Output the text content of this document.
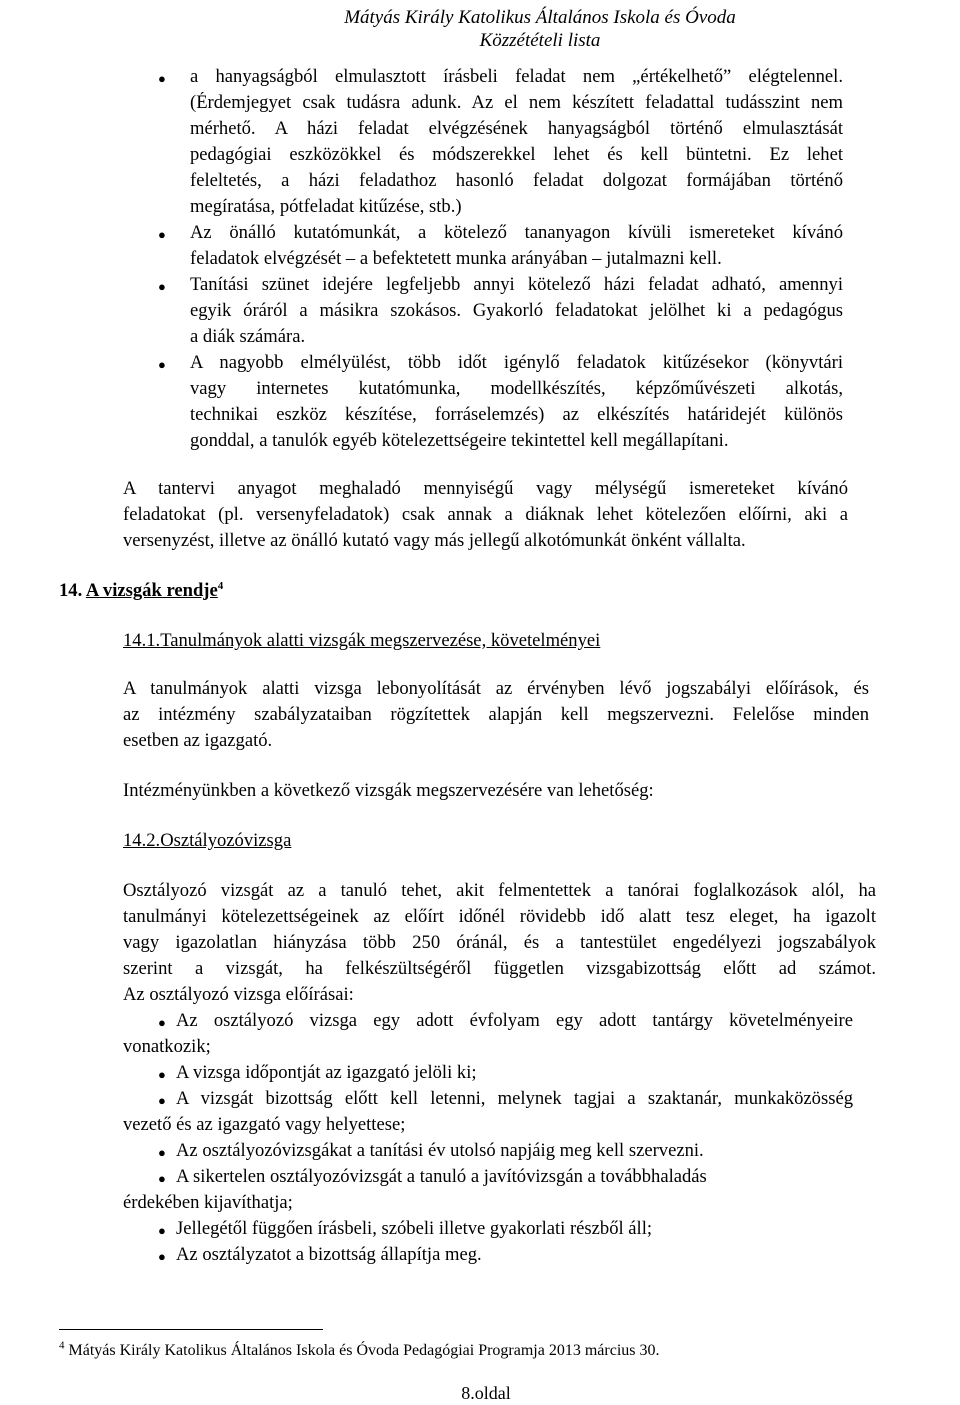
Mátyás Király Katolikus Általános Iskola és Óvoda
Közzétételi lista
● a hanyagságból elmulasztott írásbeli feladat nem „értékelhető” elégtelennel.
(Érdemjegyet csak tudásra adunk. Az el nem készített feladattal tudásszint nem
mérhető. A házi feladat elvégzésének hanyagságból történő elmulasztását
pedagógiai eszközökkel és módszerekkel lehet és kell büntetni. Ez lehet
feleltetés, a házi feladathoz hasonló feladat dolgozat formájában történő
megíratása, pótfeladat kitűzése, stb.)
● Az önálló kutatómunkát, a kötelező tananyagon kívüli ismereteket kívánó
feladatok elvégzését – a befektetett munka arányában – jutalmazni kell.
● Tanítási szünet idejére legfeljebb annyi kötelező házi feladat adható, amennyi
egyik óráról a másikra szokásos. Gyakorló feladatokat jelölhet ki a pedagógus
a diák számára.
● A nagyobb elmélyülést, több időt igénylő feladatok kitűzésekor (könyvtári
vagy internetes kutatómunka, modellkészítés, képzőművészeti alkotás,
technikai eszköz készítése, forráselemzés) az elkészítés határidejét különös
gonddal, a tanulók egyéb kötelezettségeire tekintettel kell megállapítani.
A tantervi anyagot meghaladó mennyiségű vagy mélységű ismereteket kívánó
feladatokat (pl. versenyfeladatok) csak annak a diáknak lehet kötelezően előírni, aki a
versenyzést, illetve az önálló kutató vagy más jellegű alkotómunkát önként vállalta.
A tanulmányok alatti vizsga lebonyolítását az érvényben lévő jogszabályi előírások, és
az intézmény szabályzataiban rögzítettek alapján kell megszervezni. Felelőse minden
esetben az igazgató.
Osztályozó vizsgát az a tanuló tehet, akit felmentettek a tanórai foglalkozások alól, ha
tanulmányi kötelezettségeinek az előírt időnél rövidebb idő alatt tesz eleget, ha igazolt
vagy igazolatlan hiányzása több 250 óránál, és a tantestület engedélyezi jogszabályok
szerint a vizsgát, ha felkészültségéről független vizsgabizottság előtt ad számot.
Az osztályozó vizsga előírásai:
● Az osztályozó vizsga egy adott évfolyam egy adott tantárgy követelményeire
vonatkozik;
● A vizsga időpontját az igazgató jelöli ki;
● A vizsgát bizottság előtt kell letenni, melynek tagjai a szaktanár, munkaközösség
vezető és az igazgató vagy helyettese;
● Az osztályozóvizsgákat a tanítási év utolsó napjáig meg kell szervezni.
● A sikertelen osztályozóvizsgát a tanuló a javítóvizsgán a továbbhaladás
érdekében kijavíthatja;
● Jellegétől függően írásbeli, szóbeli illetve gyakorlati részből áll;
● Az osztályzatot a bizottság állapítja meg.
14. A vizsgák rendje$^4$
14.1.Tanulmányok alatti vizsgák megszervezése, követelményei
14.2.Osztályozóvizsga
Intézményünkben a következő vizsgák megszervezésére van lehetőség:
$^4$ Mátyás Király Katolikus Általános Iskola és Óvoda Pedagógiai Programja 2013 március 30.
8.oldal
